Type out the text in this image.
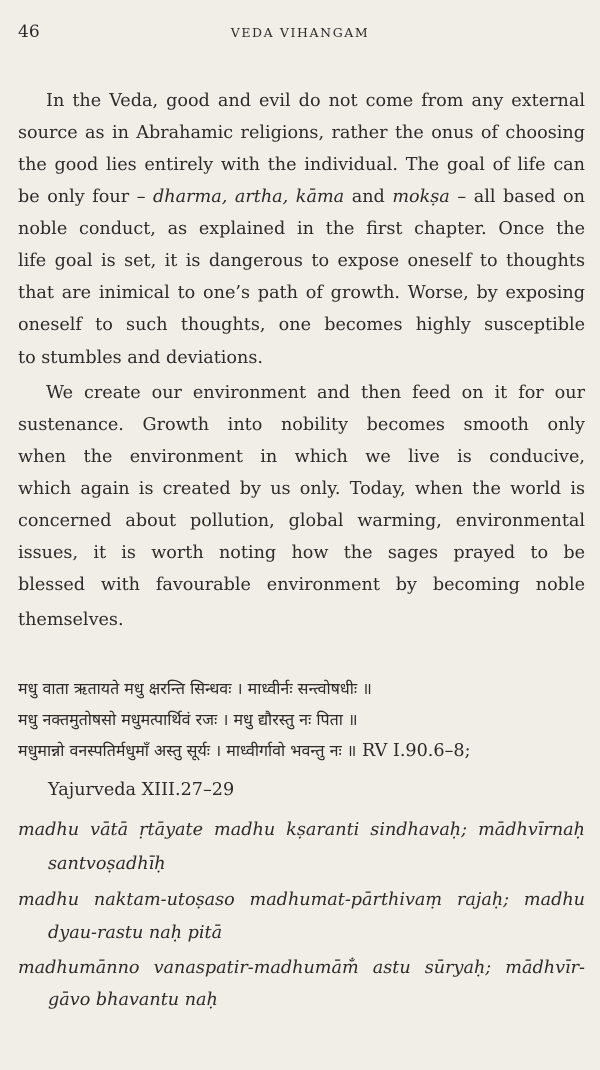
46	VEDA VIHANGAM
In the Veda, good and evil do not come from any external
source as in Abrahamic religions, rather the onus of choosing
the good lies entirely with the individual. The goal of life can
be only four – dharma, artha, kāma and mokṣa – all based on
noble conduct, as explained in the first chapter. Once the
life goal is set, it is dangerous to expose oneself to thoughts
that are inimical to one’s path of growth. Worse, by exposing
oneself to such thoughts, one becomes highly susceptible
to stumbles and deviations.
We create our environment and then feed on it for our
sustenance. Growth into nobility becomes smooth only
when the environment in which we live is conducive,
which again is created by us only. Today, when the world is
concerned about pollution, global warming, environmental
issues, it is worth noting how the sages prayed to be
blessed with favourable environment by becoming noble
themselves.
मधु वाता ऋतायते मधु क्षरन्ति सिन्धवः । माध्वीर्नः सन्त्वोषधीः ॥
मधु नक्तमुतोषसो मधुमत्पार्थिवं रजः । मधु द्यौरस्तु नः पिता ॥
मधुमान्नो वनस्पतिर्मधुमाँ अस्तु सूर्यः । माध्वीर्गावो भवन्तु नः ॥ RV I.90.6–8;
Yajurveda XIII.27–29
madhu vātā ṛtāyate madhu kṣaranti sindhavaḥ; mādhvīrnaḥ
santvoṣadhīḥ
madhu naktam-utoṣaso madhumat-pārthivaṃ rajaḥ; madhu
dyau-rastu naḥ pitā
madhumānno vanaspatir-madhumām̐ astu sūryaḥ; mādhvīr-
gāvo bhavantu naḥ
